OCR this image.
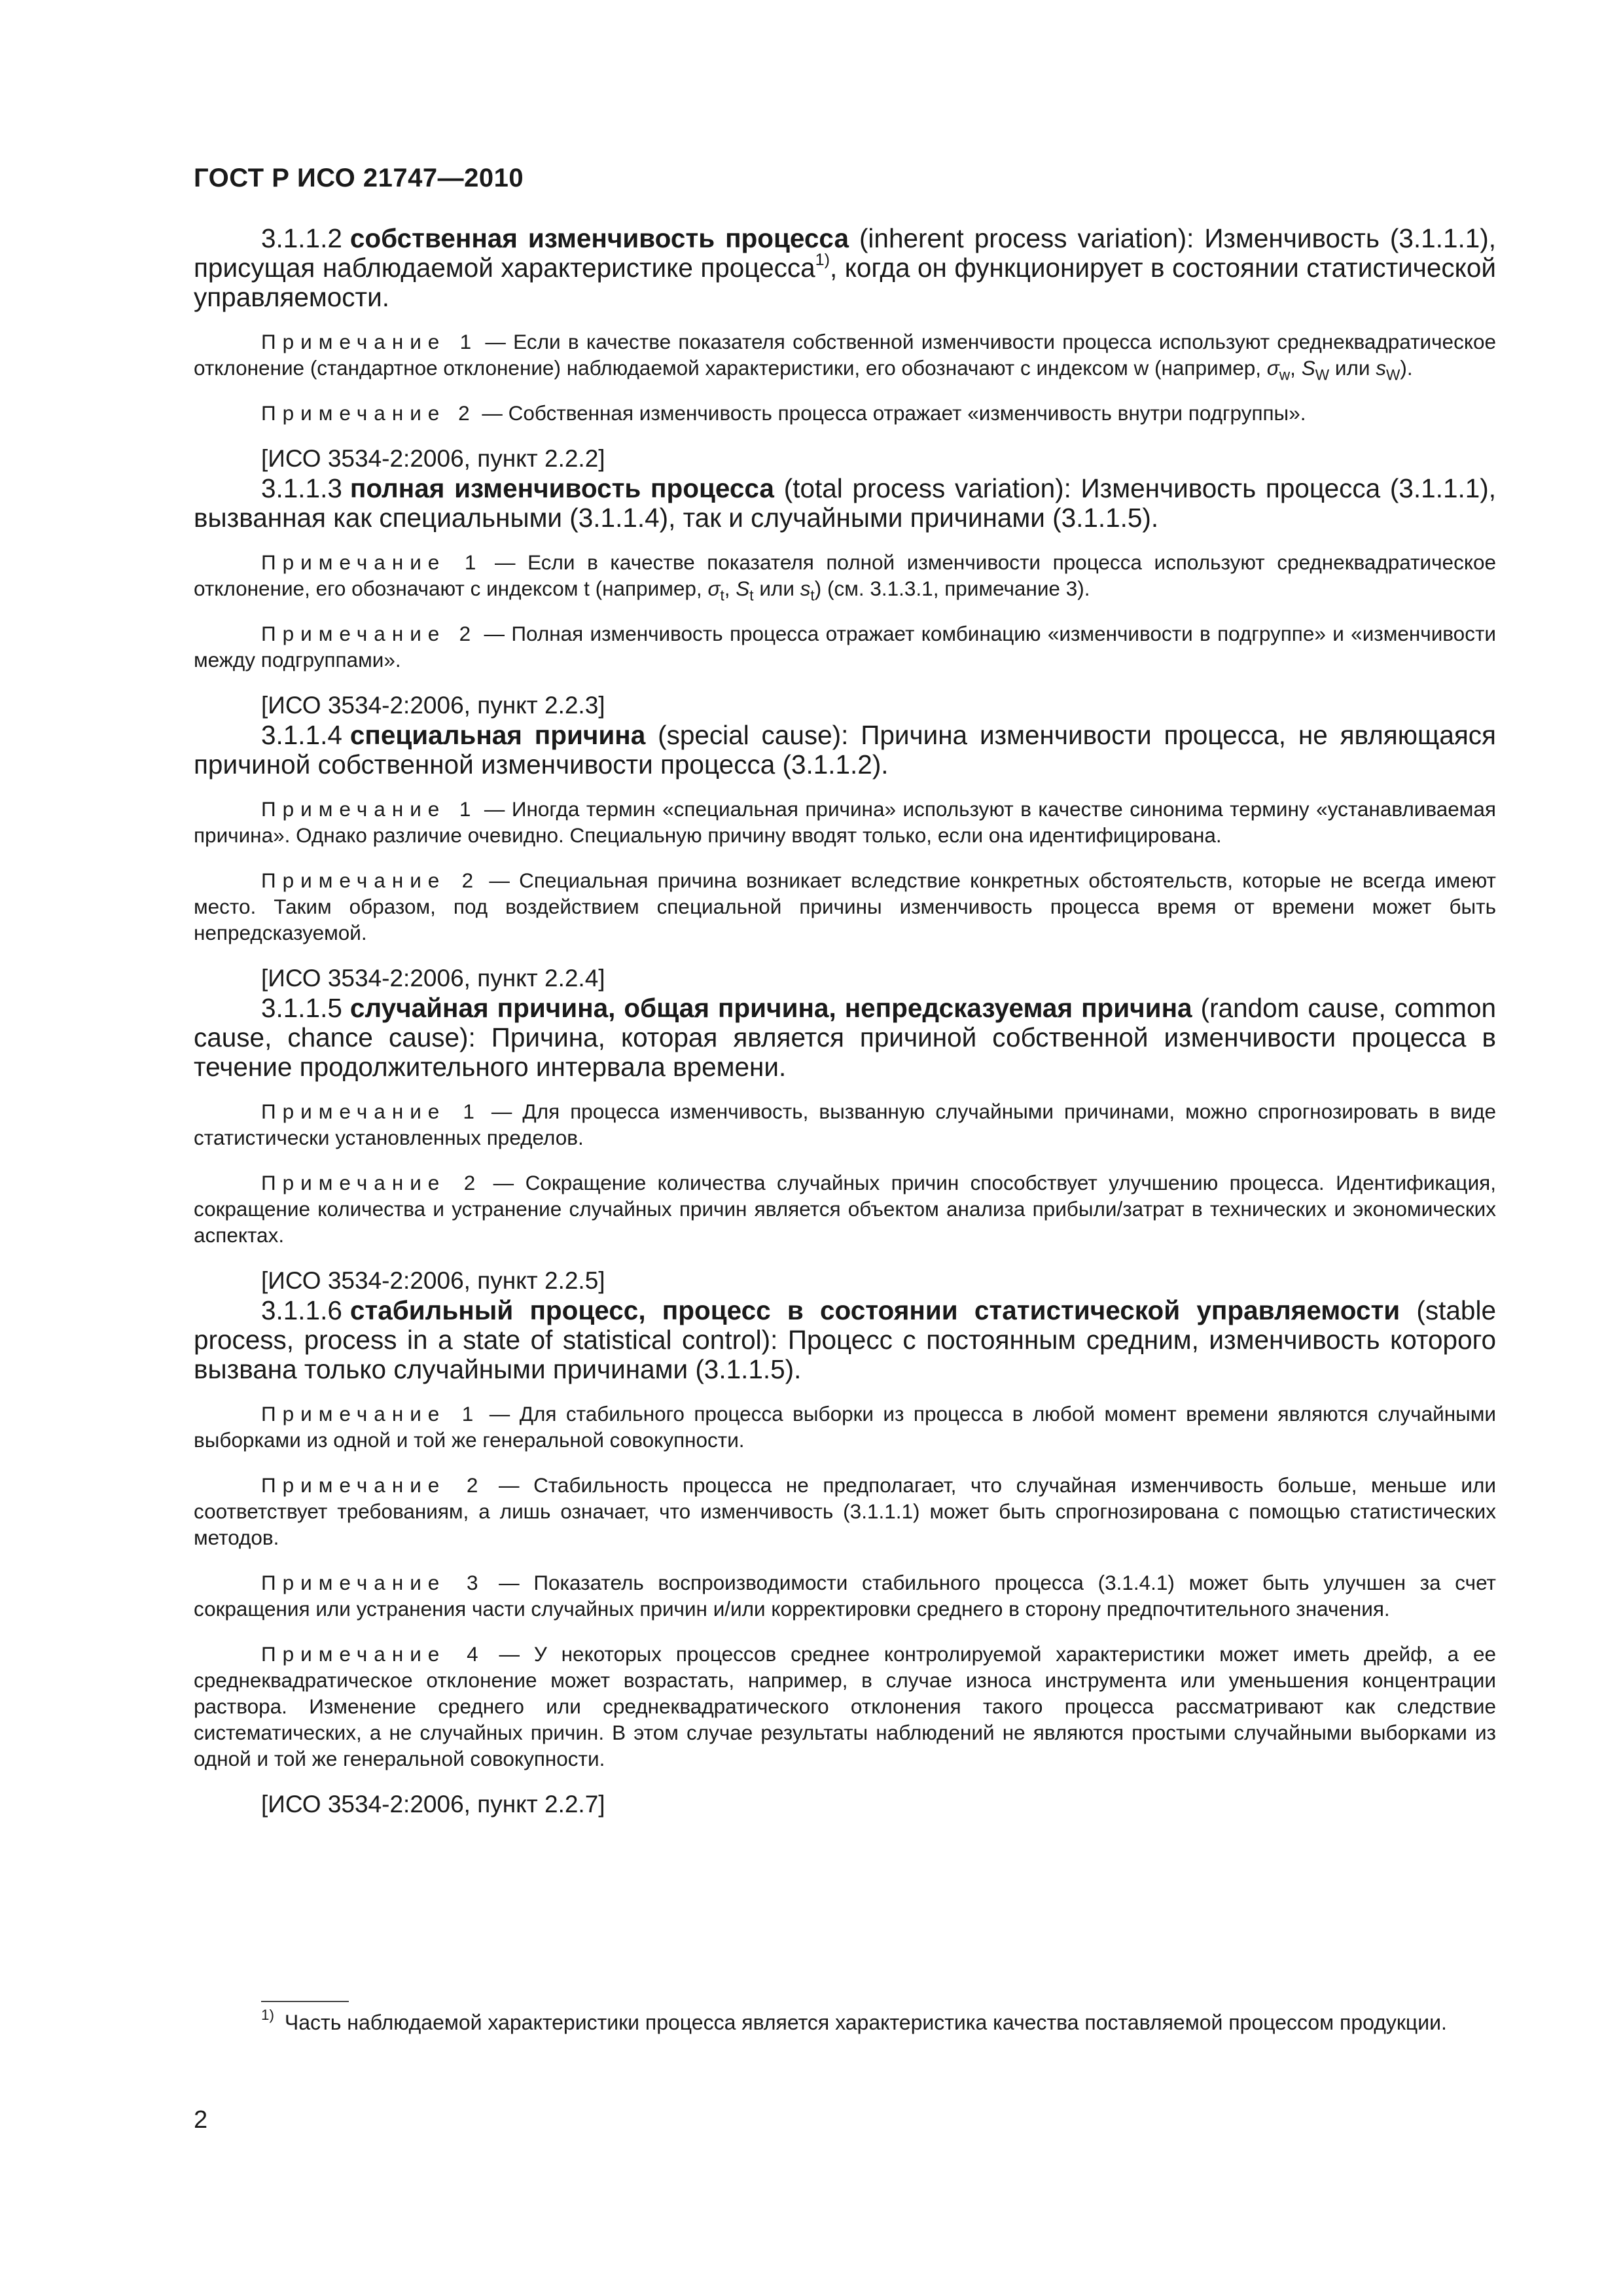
ГОСТ Р ИСО 21747—2010

3.1.1.2 собственная изменчивость процесса (inherent process variation): Изменчивость (3.1.1.1), присущая наблюдаемой характеристике процесса$^{1)}$, когда он функционирует в состоянии статистической управляемости.

Примечание 1 — Если в качестве показателя собственной изменчивости процесса используют среднеквадратическое отклонение (стандартное отклонение) наблюдаемой характеристики, его обозначают с индексом w (например, $\sigma_w$, $S_W$ или $s_W$).

Примечание 2 — Собственная изменчивость процесса отражает «изменчивость внутри подгруппы».

[ИСО 3534-2:2006, пункт 2.2.2]

3.1.1.3 полная изменчивость процесса (total process variation): Изменчивость процесса (3.1.1.1), вызванная как специальными (3.1.1.4), так и случайными причинами (3.1.1.5).

Примечание 1 — Если в качестве показателя полной изменчивости процесса используют среднеквадратическое отклонение, его обозначают с индексом t (например, $\sigma_t$, $S_t$ или $s_t$) (см. 3.1.3.1, примечание 3).

Примечание 2 — Полная изменчивость процесса отражает комбинацию «изменчивости в подгруппе» и «изменчивости между подгруппами».

[ИСО 3534-2:2006, пункт 2.2.3]

3.1.1.4 специальная причина (special cause): Причина изменчивости процесса, не являющаяся причиной собственной изменчивости процесса (3.1.1.2).

Примечание 1 — Иногда термин «специальная причина» используют в качестве синонима термину «устанавливаемая причина». Однако различие очевидно. Специальную причину вводят только, если она идентифицирована.

Примечание 2 — Специальная причина возникает вследствие конкретных обстоятельств, которые не всегда имеют место. Таким образом, под воздействием специальной причины изменчивость процесса время от времени может быть непредсказуемой.

[ИСО 3534-2:2006, пункт 2.2.4]

3.1.1.5 случайная причина, общая причина, непредсказуемая причина (random cause, common cause, chance cause): Причина, которая является причиной собственной изменчивости процесса в течение продолжительного интервала времени.

Примечание 1 — Для процесса изменчивость, вызванную случайными причинами, можно спрогнозировать в виде статистически установленных пределов.

Примечание 2 — Сокращение количества случайных причин способствует улучшению процесса. Идентификация, сокращение количества и устранение случайных причин является объектом анализа прибыли/затрат в технических и экономических аспектах.

[ИСО 3534-2:2006, пункт 2.2.5]

3.1.1.6 стабильный процесс, процесс в состоянии статистической управляемости (stable process, process in a state of statistical control): Процесс с постоянным средним, изменчивость которого вызвана только случайными причинами (3.1.1.5).

Примечание 1 — Для стабильного процесса выборки из процесса в любой момент времени являются случайными выборками из одной и той же генеральной совокупности.

Примечание 2 — Стабильность процесса не предполагает, что случайная изменчивость больше, меньше или соответствует требованиям, а лишь означает, что изменчивость (3.1.1.1) может быть спрогнозирована с помощью статистических методов.

Примечание 3 — Показатель воспроизводимости стабильного процесса (3.1.4.1) может быть улучшен за счет сокращения или устранения части случайных причин и/или корректировки среднего в сторону предпочтительного значения.

Примечание 4 — У некоторых процессов среднее контролируемой характеристики может иметь дрейф, а ее среднеквадратическое отклонение может возрастать, например, в случае износа инструмента или уменьшения концентрации раствора. Изменение среднего или среднеквадратического отклонения такого процесса рассматривают как следствие систематических, а не случайных причин. В этом случае результаты наблюдений не являются простыми случайными выборками из одной и той же генеральной совокупности.

[ИСО 3534-2:2006, пункт 2.2.7]

$^{1)}$ Часть наблюдаемой характеристики процесса является характеристика качества поставляемой процессом продукции.
2
